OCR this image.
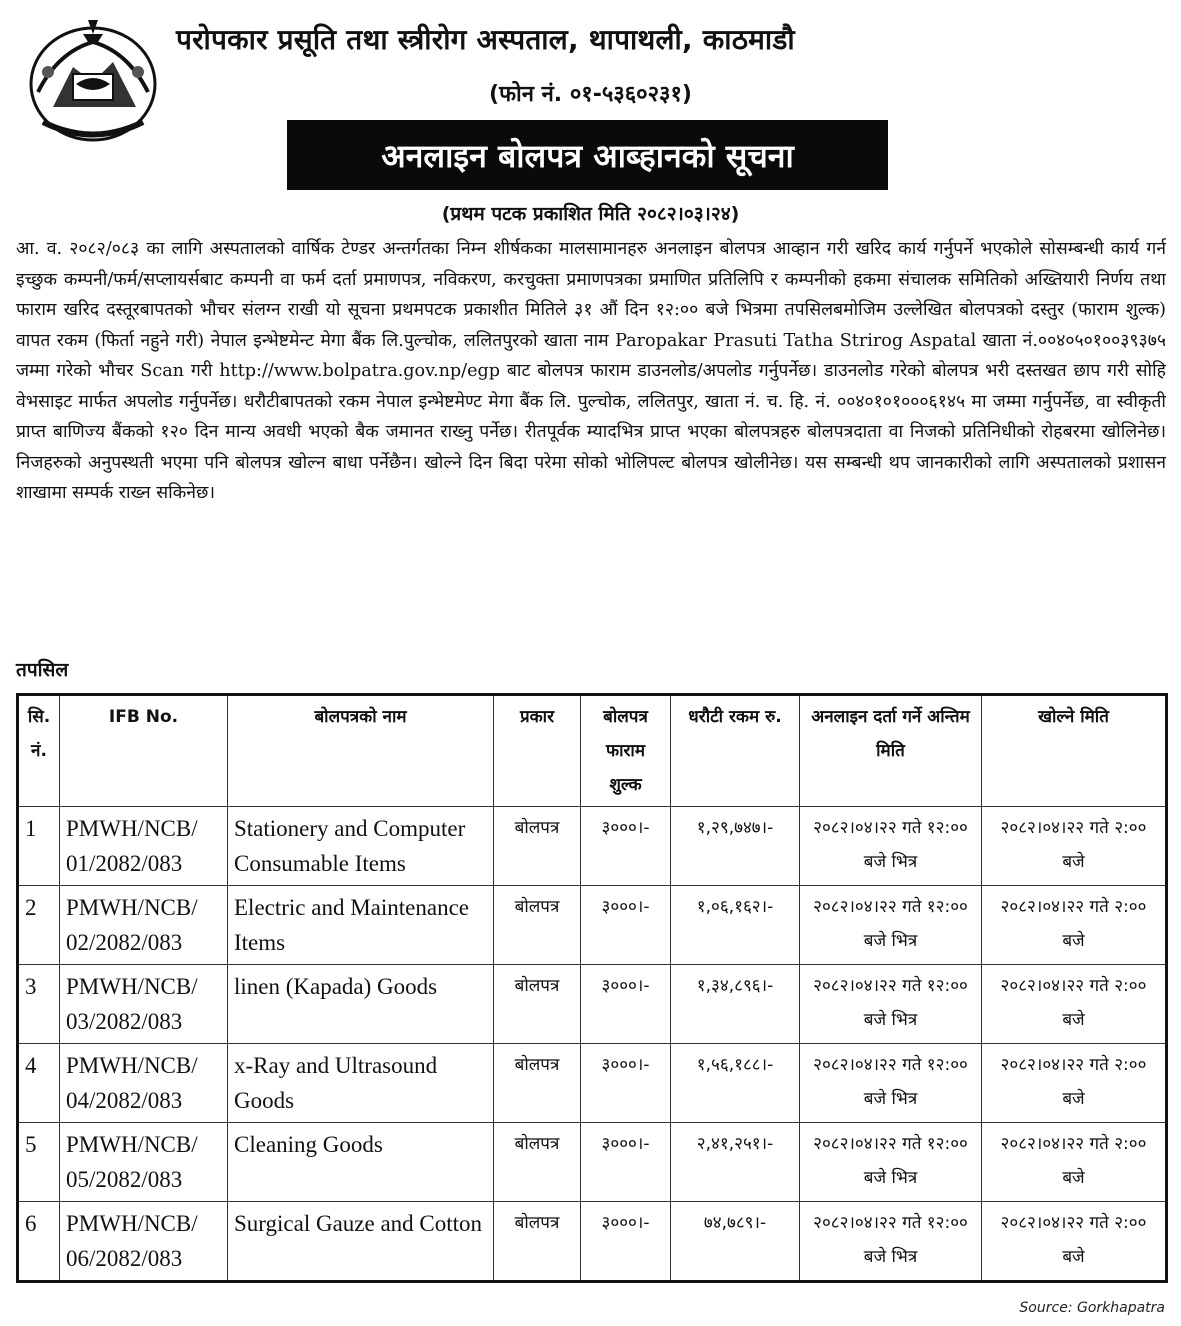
परोपकार प्रसूति तथा स्त्रीरोग अस्पताल, थापाथली, काठमाडौ
(फोन नं. ०१-५३६०२३१)
अनलाइन बोलपत्र आब्हानको सूचना
(प्रथम पटक प्रकाशित मिति २०८२।०३।२४)

आ. व. २०८२/०८३ का लागि अस्पतालको वार्षिक टेण्डर अन्तर्गतका निम्न शीर्षकका मालसामानहरु अनलाइन बोलपत्र आव्हान गरी खरिद कार्य गर्नुपर्ने भएकोले सोसम्बन्धी कार्य गर्न इच्छुक कम्पनी/फर्म/सप्लायर्सबाट कम्पनी वा फर्म दर्ता प्रमाणपत्र, नविकरण, करचुक्ता प्रमाणपत्रका प्रमाणित प्रतिलिपि र कम्पनीको हकमा संचालक समितिको अख्तियारी निर्णय तथा फाराम खरिद दस्तूरबापतको भौचर संलग्न राखी यो सूचना प्रथमपटक प्रकाशीत मितिले ३१ औं दिन १२:०० बजे भित्रमा तपसिलबमोजिम उल्लेखित बोलपत्रको दस्तुर (फाराम शुल्क) वापत रकम (फिर्ता नहुने गरी) नेपाल इन्भेष्टमेन्ट मेगा बैंक लि.पुल्चोक, ललितपुरको खाता नाम Paropakar Prasuti Tatha Strirog Aspatal खाता नं.००४०५०१००३९३७५ जम्मा गरेको भौचर Scan गरी http://www.bolpatra.gov.np/egp बाट बोलपत्र फाराम डाउनलोड/अपलोड गर्नुपर्नेछ। डाउनलोड गरेको बोलपत्र भरी दस्तखत छाप गरी सोहि वेभसाइट मार्फत अपलोड गर्नुपर्नेछ। धरौटीबापतको रकम नेपाल इन्भेष्टमेण्ट मेगा बैंक लि. पुल्चोक, ललितपुर, खाता नं. च. हि. नं. ००४०१०१०००६१४५ मा जम्मा गर्नुपर्नेछ, वा स्वीकृती प्राप्त बाणिज्य बैंकको १२० दिन मान्य अवधी भएको बैक जमानत राख्नु पर्नेछ। रीतपूर्वक म्यादभित्र प्राप्त भएका बोलपत्रहरु बोलपत्रदाता वा निजको प्रतिनिधीको रोहबरमा खोलिनेछ। निजहरुको अनुपस्थती भएमा पनि बोलपत्र खोल्न बाधा पर्नेछैन। खोल्ने दिन बिदा परेमा सोको भोलिपल्ट बोलपत्र खोलीनेछ। यस सम्बन्धी थप जानकारीको लागि अस्पतालको प्रशासन शाखामा सम्पर्क राख्न सकिनेछ।

तपसिल
सि. नं.	IFB No.	बोलपत्रको नाम	प्रकार	बोलपत्र फाराम शुल्क	धरौटी रकम रु.	अनलाइन दर्ता गर्ने अन्तिम मिति	खोल्ने मिति
1	PMWH/NCB/ 01/2082/083	Stationery and Computer Consumable Items	बोलपत्र	३०००।-	१,२९,७४७।-	२०८२।०४।२२ गते १२:०० बजे भित्र	२०८२।०४।२२ गते २:०० बजे
2	PMWH/NCB/ 02/2082/083	Electric and Maintenance Items	बोलपत्र	३०००।-	१,०६,१६२।-	२०८२।०४।२२ गते १२:०० बजे भित्र	२०८२।०४।२२ गते २:०० बजे
3	PMWH/NCB/ 03/2082/083	linen (Kapada) Goods	बोलपत्र	३०००।-	१,३४,८९६।-	२०८२।०४।२२ गते १२:०० बजे भित्र	२०८२।०४।२२ गते २:०० बजे
4	PMWH/NCB/ 04/2082/083	x-Ray and Ultrasound Goods	बोलपत्र	३०००।-	१,५६,१८८।-	२०८२।०४।२२ गते १२:०० बजे भित्र	२०८२।०४।२२ गते २:०० बजे
5	PMWH/NCB/ 05/2082/083	Cleaning Goods	बोलपत्र	३०००।-	२,४१,२५१।-	२०८२।०४।२२ गते १२:०० बजे भित्र	२०८२।०४।२२ गते २:०० बजे
6	PMWH/NCB/ 06/2082/083	Surgical Gauze and Cotton	बोलपत्र	३०००।-	७४,७८९।-	२०८२।०४।२२ गते १२:०० बजे भित्र	२०८२।०४।२२ गते २:०० बजे
Source: Gorkhapatra
